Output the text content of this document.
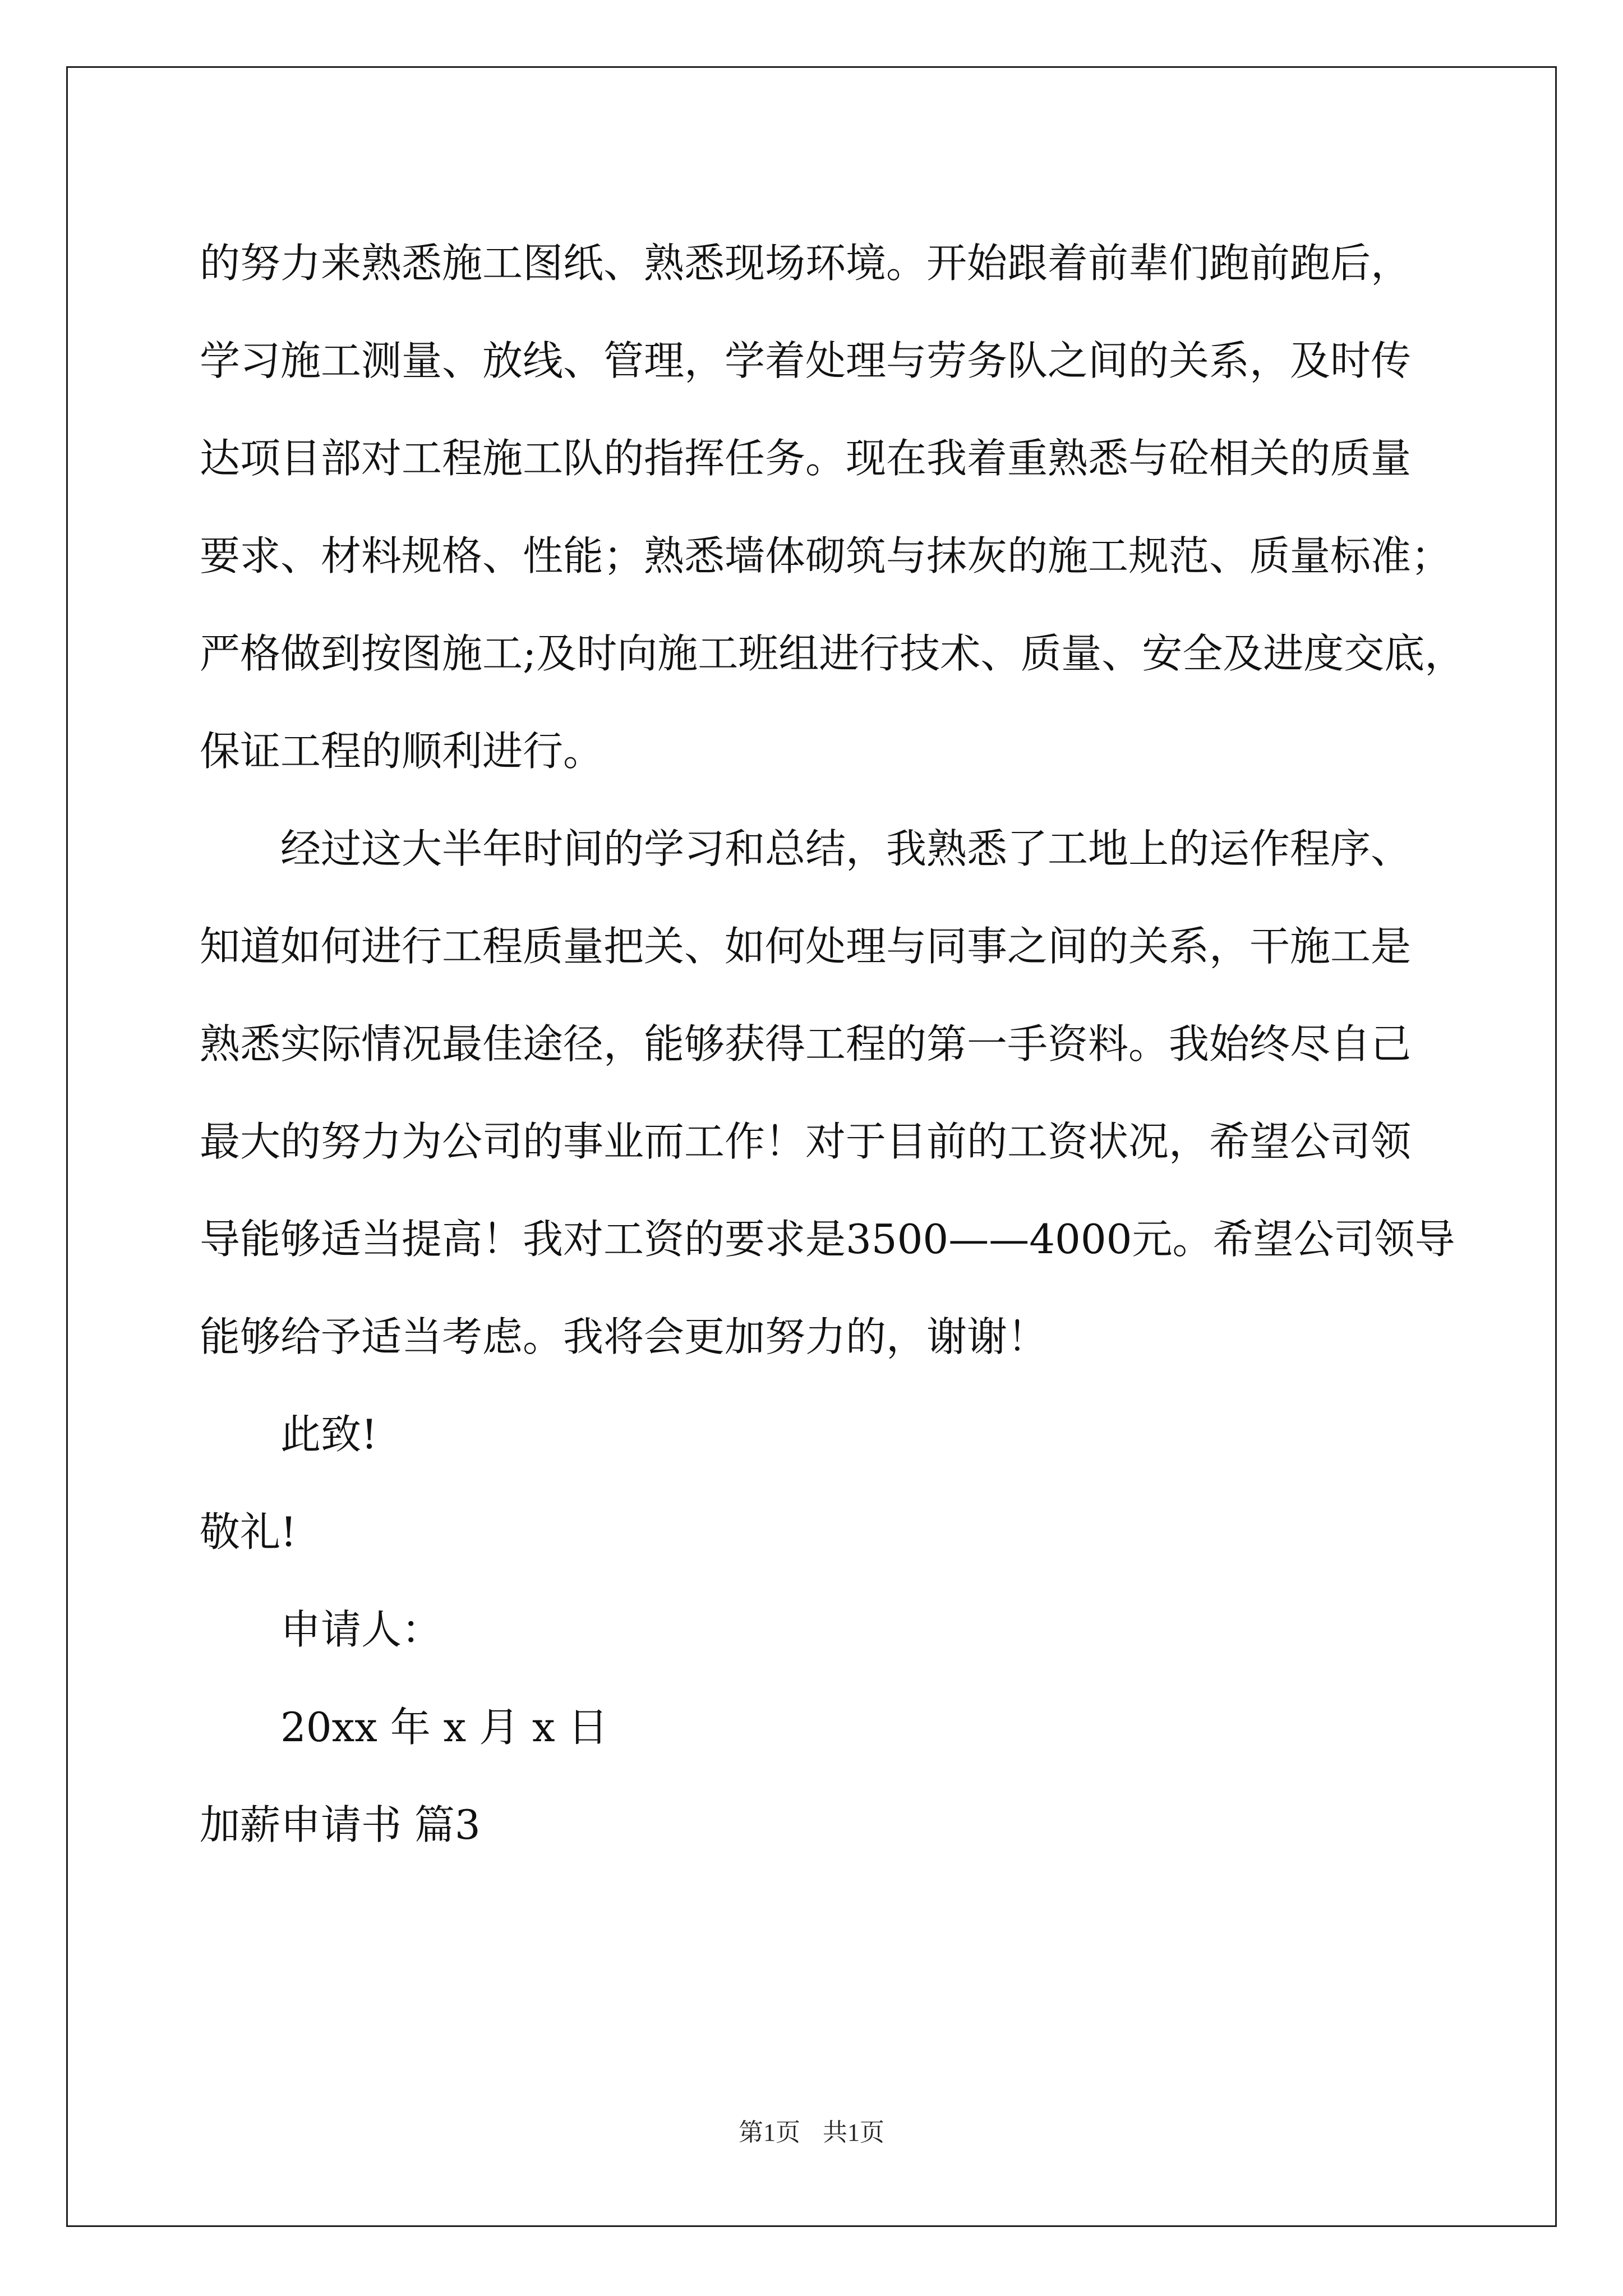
的努力来熟悉施工图纸、熟悉现场环境。开始跟着前辈们跑前跑后，
学习施工测量、放线、管理，学着处理与劳务队之间的关系，及时传
达项目部对工程施工队的指挥任务。现在我着重熟悉与砼相关的质量
要求、材料规格、性能；熟悉墙体砌筑与抹灰的施工规范、质量标准；
严格做到按图施工;及时向施工班组进行技术、质量、安全及进度交底，
保证工程的顺利进行。
经过这大半年时间的学习和总结，我熟悉了工地上的运作程序、
知道如何进行工程质量把关、如何处理与同事之间的关系，干施工是
熟悉实际情况最佳途径，能够获得工程的第一手资料。我始终尽自己
最大的努力为公司的事业而工作！对于目前的工资状况，希望公司领
导能够适当提高！我对工资的要求是3500——4000元。希望公司领导
能够给予适当考虑。我将会更加努力的，谢谢！

此致!

敬礼!

申请人：

20xx 年 x 月 x 日

加薪申请书 篇3

第1页 共1页
